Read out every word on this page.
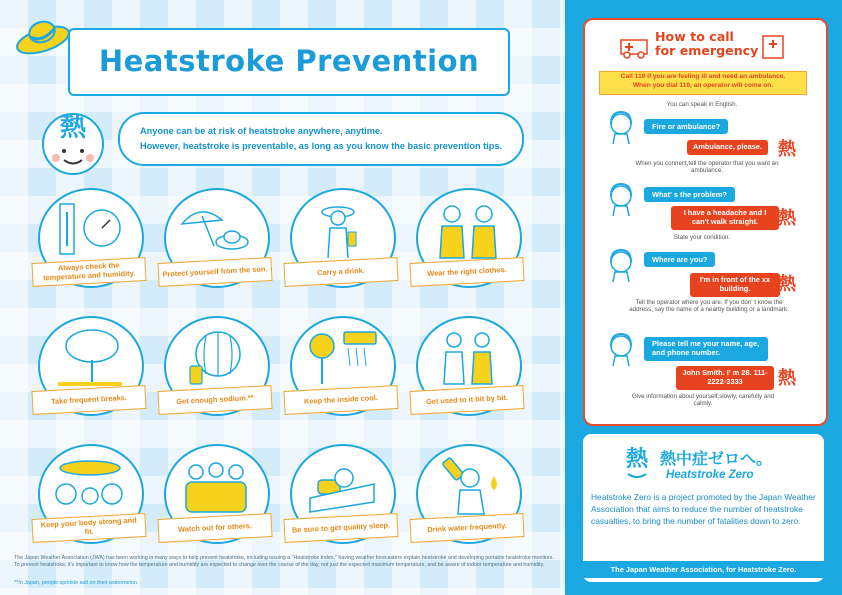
Heatstroke Prevention
熱	Anyone can be at risk of heatstroke anywhere, anytime.

However, heatstroke is preventable, as long as you know the basic prevention tips.

Always check the temperature and humidity.	Protect yourself from the sun.	Carry a drink.	Wear the right clothes.
Take frequent breaks.	Get enough sodium.**	Keep the inside cool.	Get used to it bit by bit.
Keep your body strong and fit.	Watch out for others.	Be sure to get quality sleep.	Drink water frequently.
The Japan Weather Association (JWA) has been working in many ways to help prevent heatstroke, including issuing a "Heatstroke Index," having weather forecasters explain heatstroke and developing portable heatstroke monitors. To prevent heatstroke, it's important to know how the temperature and humidity are expected to change over the course of the day, not just the expected maximum temperature, and be aware of indoor temperature and humidity.
**In Japan, people sprinkle salt on their watermelon.
How to call
for emergency
Call 119 if you are feeling ill and need an ambulance.
When you dial 119, an operator will come on.
You can speak in English.
Fire or ambulance?
Ambulance, please. 熱
When you connect,tell the operator that you want an ambulance.
What' s the problem?
I have a headache and I can't walk straight.	熱
State your condition.
Where are you?
I'm in front of the xx building.	熱
Tell the operator where you are. If you don' t know the address, say the name of a nearby building or a landmark.
Please tell me your name, age, and phone number.
John Smith. I' m 28. 111-2222-3333	熱
Give information about yourself,slowly, carefully and calmly.
熱 熱中症ゼロへ。
Heatstroke Zero
Heatstroke Zero is a project promoted by the Japan Weather Association that aims to reduce the number of heatstroke casualties, to bring the number of fatalities down to zero.
The Japan Weather Association, for Heatstroke Zero.
